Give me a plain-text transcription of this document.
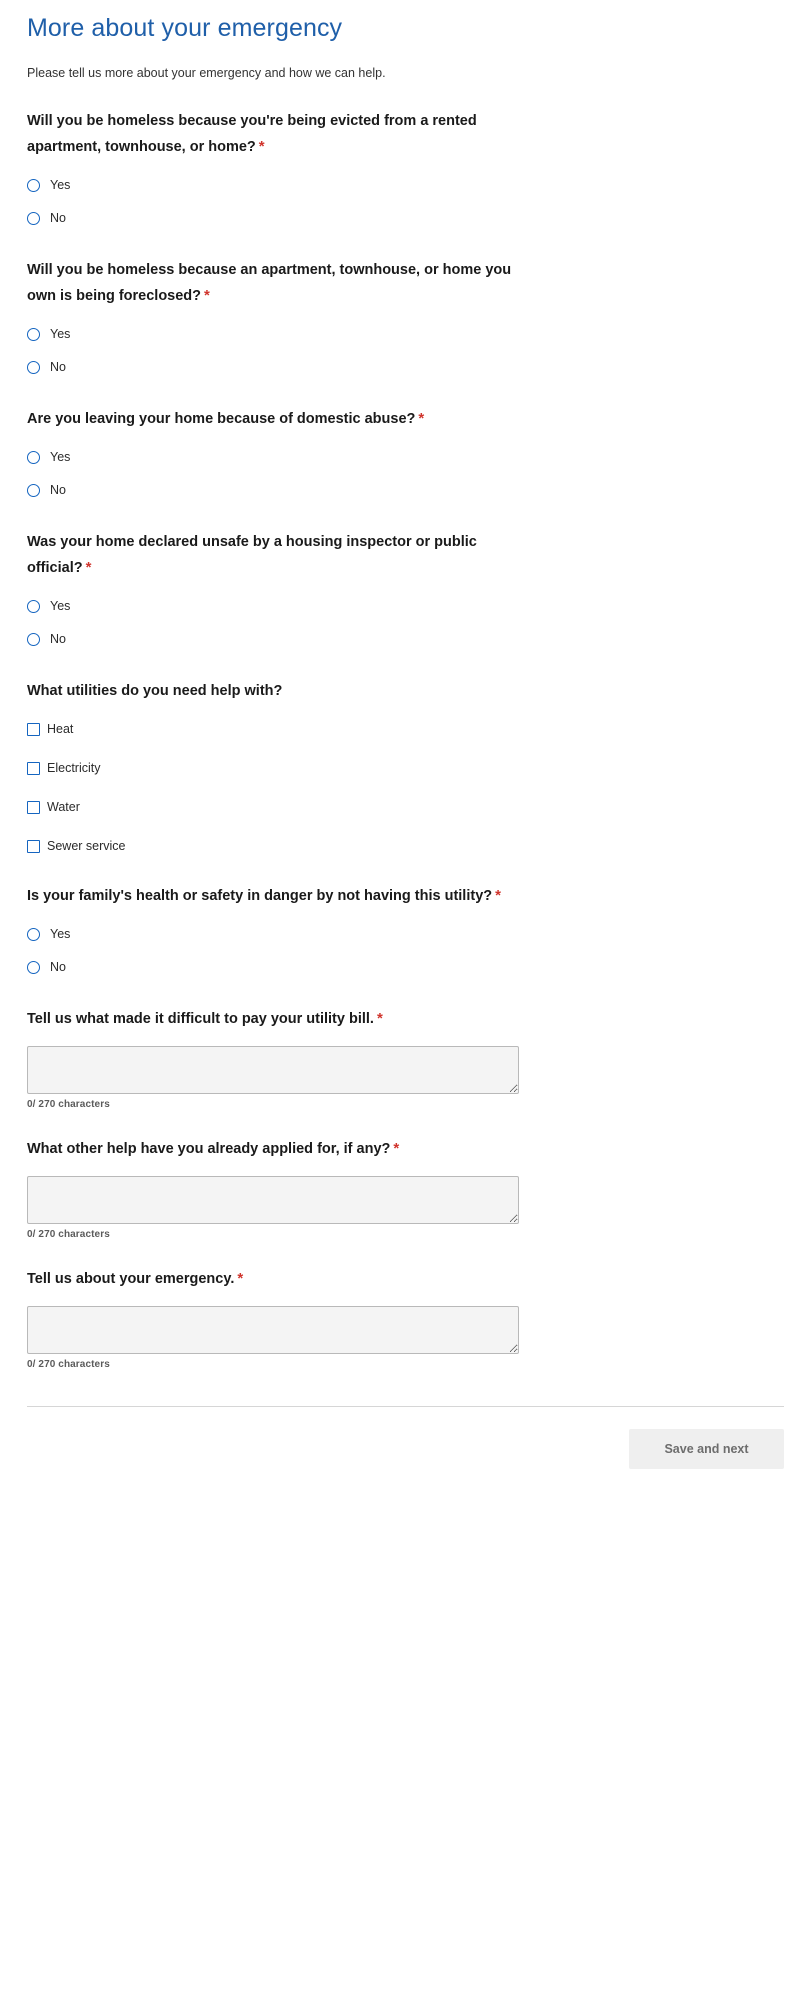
More about your emergency

Please tell us more about your emergency and how we can help.

Will you be homeless because you're being evicted from a rented apartment, townhouse, or home? *
Yes
No
Will you be homeless because an apartment, townhouse, or home you own is being foreclosed? *
Yes
No
Are you leaving your home because of domestic abuse? *
Yes
No
Was your home declared unsafe by a housing inspector or public official? *
Yes
No
What utilities do you need help with?
Heat
Electricity
Water
Sewer service
Is your family's health or safety in danger by not having this utility? *
Yes
No
Tell us what made it difficult to pay your utility bill. *
0/ 270 characters
What other help have you already applied for, if any? *
0/ 270 characters
Tell us about your emergency. *
0/ 270 characters
Save and next
